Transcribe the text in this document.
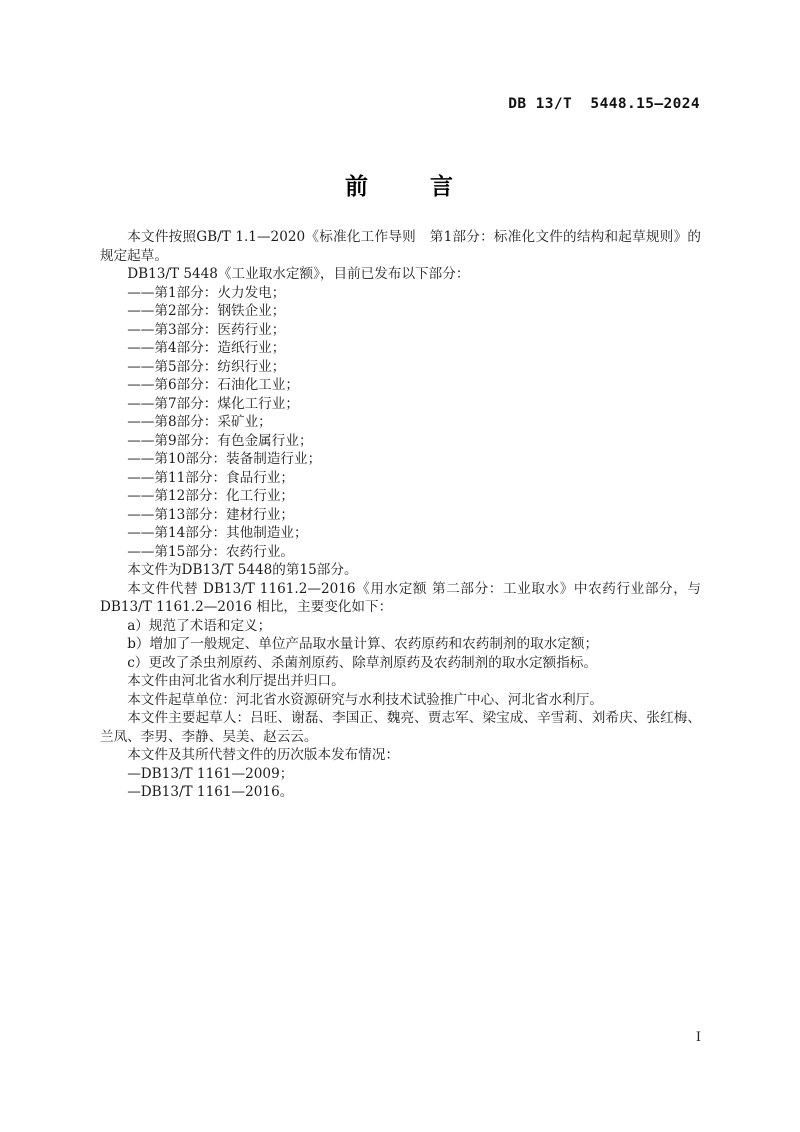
DB 13/T  5448.15—2024
前      言

本文件按照GB/T 1.1—2020《标准化工作导则　第1部分：标准化文件的结构和起草规则》的规定起草。

DB13/T 5448《工业取水定额》，目前已发布以下部分：

——第1部分：火力发电；

——第2部分：钢铁企业；

——第3部分：医药行业；

——第4部分：造纸行业；

——第5部分：纺织行业；

——第6部分：石油化工业；

——第7部分：煤化工行业；

——第8部分：采矿业；

——第9部分：有色金属行业；

——第10部分：装备制造行业；

——第11部分：食品行业；

——第12部分：化工行业；

——第13部分：建材行业；

——第14部分：其他制造业；

——第15部分：农药行业。

本文件为DB13/T 5448的第15部分。

本文件代替 DB13/T 1161.2—2016《用水定额 第二部分：工业取水》中农药行业部分，与 DB13/T 1161.2—2016 相比，主要变化如下：

a）规范了术语和定义；

b）增加了一般规定、单位产品取水量计算、农药原药和农药制剂的取水定额；

c）更改了杀虫剂原药、杀菌剂原药、除草剂原药及农药制剂的取水定额指标。

本文件由河北省水利厅提出并归口。

本文件起草单位：河北省水资源研究与水利技术试验推广中心、河北省水利厅。

本文件主要起草人：吕旺、谢磊、李国正、魏亮、贾志军、梁宝成、辛雪莉、刘希庆、张红梅、兰凤、李男、李静、吴美、赵云云。

本文件及其所代替文件的历次版本发布情况：

—DB13/T 1161—2009；

—DB13/T 1161—2016。

I
